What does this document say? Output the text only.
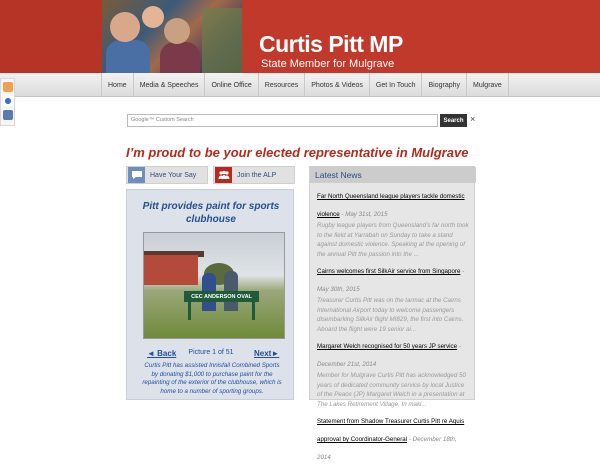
Curtis Pitt MP
State Member for Mulgrave
Home	Media & Speeches	Online Office	Resources	Photos & Videos	Get In Touch	Biography	Mulgrave
Google™ Custom Search	Search ×
I’m proud to be your elected representative in Mulgrave
Have Your Say	Join the ALP
Pitt provides paint for sports clubhouse
CEC ANDERSON OVAL
◄ Back	Picture 1 of 51	Next►
Curtis Pitt has assisted Innisfail Combined Sports by donating $1,000 to purchase paint for the repainting of the exterior of the clubhouse, which is home to a number of sporting groups.
Latest News
Far North Queensland league players tackle domestic violence - May 31st, 2015
Rugby league players from Queensland’s far north took to the field at Yarrabah on Sunday to take a stand against domestic violence. Speaking at the opening of the annual Pitt the passion into the ...
Cairns welcomes first SilkAir service from Singapore - May 30th, 2015
Treasurer Curtis Pitt was on the tarmac at the Cairns International Airport today to welcome passengers disembarking SilkAir flight MI829, the first into Cairns. Aboard the flight were 19 senior ai...
Margaret Welch recognised for 50 years JP service - December 21st, 2014
Member for Mulgrave Curtis Pitt has acknowledged 50 years of dedicated community service by local Justice of the Peace (JP) Margaret Welch in a presentation at The Lakes Retirement Village. In maki...
Statement from Shadow Treasurer Curtis Pitt re Aquis approval by Coordinator-General - December 18th, 2014
